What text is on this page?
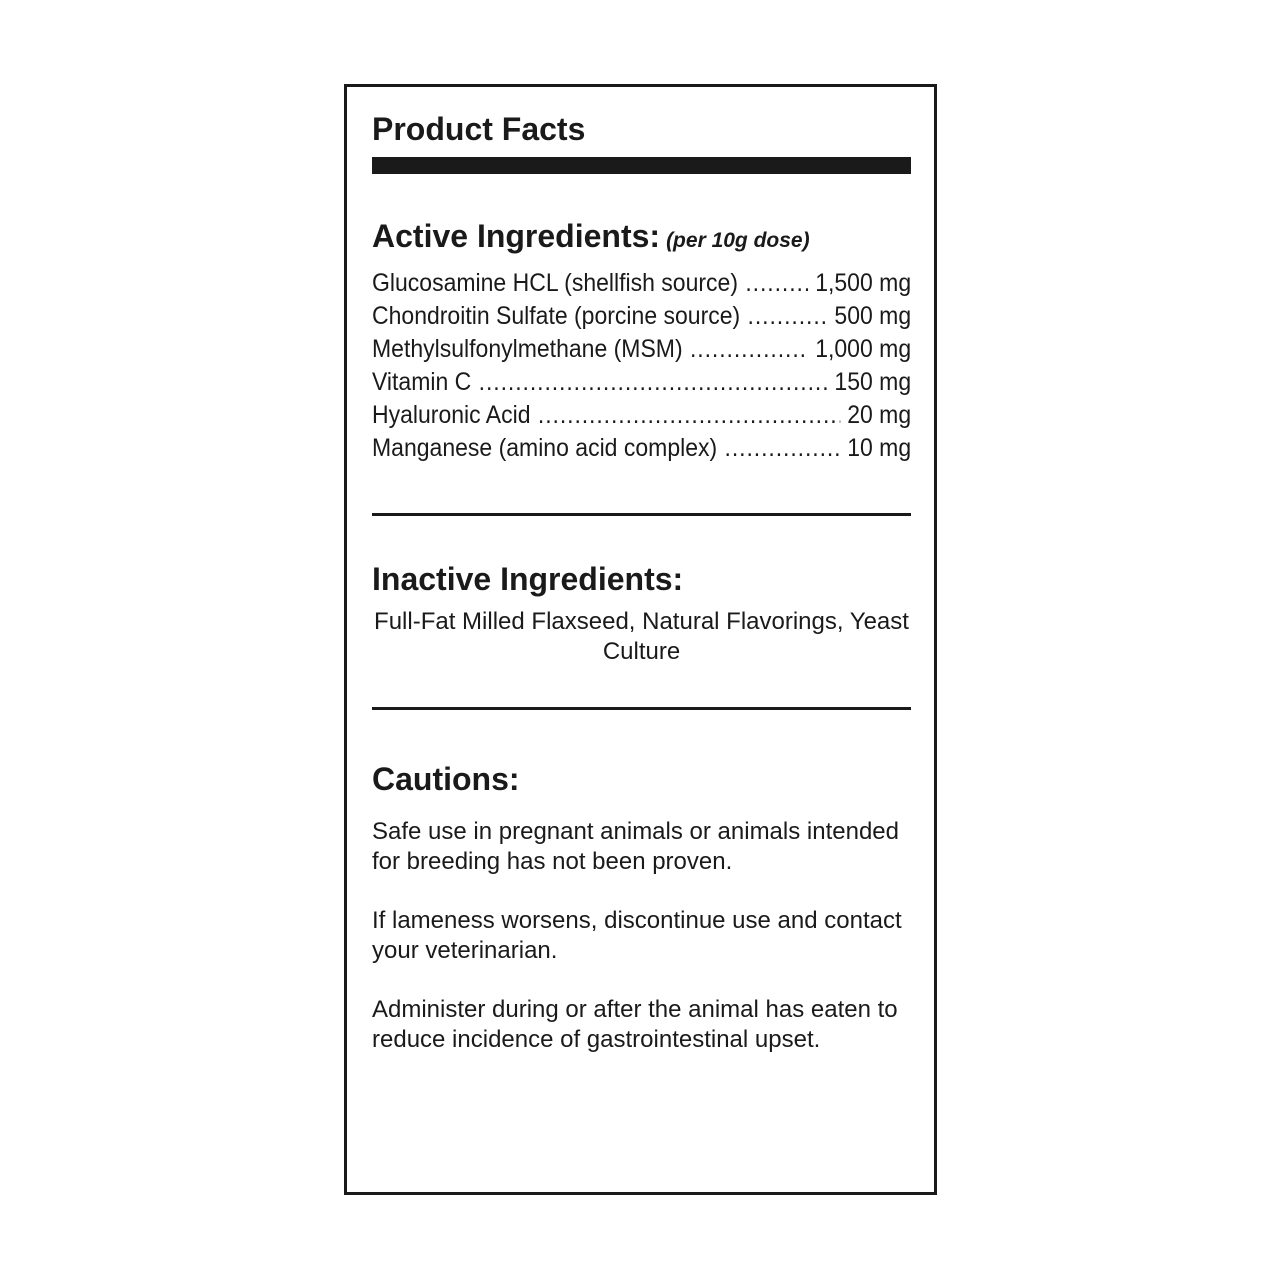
Product Facts
Active Ingredients: (per 10g dose)
Glucosamine HCL (shellfish source) .....	1,500 mg
Chondroitin Sulfate (porcine source) .....	500 mg
Methylsulfonylmethane (MSM) .....	1,000 mg
Vitamin C .....	150 mg
Hyaluronic Acid .....	20 mg
Manganese (amino acid complex) .....	10 mg
Inactive Ingredients:

Full-Fat Milled Flaxseed, Natural Flavorings, Yeast Culture

Cautions:

Safe use in pregnant animals or animals intended for breeding has not been proven.

If lameness worsens, discontinue use and contact your veterinarian.

Administer during or after the animal has eaten to reduce incidence of gastrointestinal upset.
